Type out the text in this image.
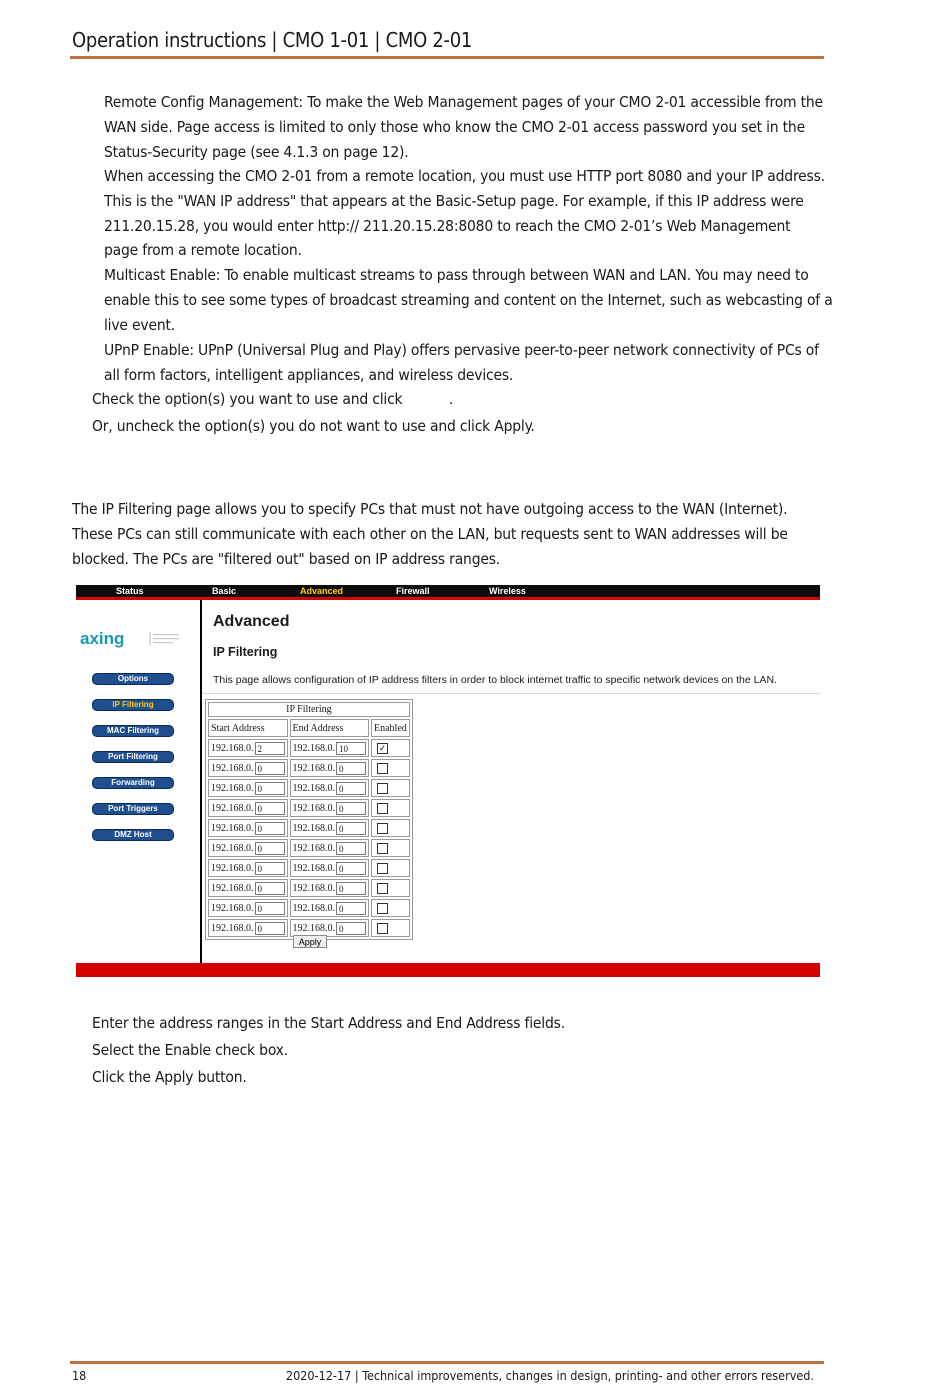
Operation instructions | CMO 1-01 | CMO 2-01
Remote Config Management: To make the Web Management pages of your CMO 2-01 accessible from the
WAN side. Page access is limited to only those who know the CMO 2-01 access password you set in the
Status-Security page (see 4.1.3 on page 12).
When accessing the CMO 2-01 from a remote location, you must use HTTP port 8080 and your IP address.
This is the "WAN IP address" that appears at the Basic-Setup page. For example, if this IP address were
211.20.15.28, you would enter http:// 211.20.15.28:8080 to reach the CMO 2-01’s Web Management
page from a remote location.
Multicast Enable: To enable multicast streams to pass through between WAN and LAN. You may need to
enable this to see some types of broadcast streaming and content on the Internet, such as webcasting of a
live event.
UPnP Enable: UPnP (Universal Plug and Play) offers pervasive peer-to-peer network connectivity of PCs of
all form factors, intelligent appliances, and wireless devices.
Check the option(s) you want to use and click           .
Or, uncheck the option(s) you do not want to use and click Apply.
The IP Filtering page allows you to specify PCs that must not have outgoing access to the WAN (Internet).
These PCs can still communicate with each other on the LAN, but requests sent to WAN addresses will be
blocked. The PCs are "filtered out" based on IP address ranges.
Status	Basic	Advanced	Firewall	Wireless
axing
Options
IP Filtering
MAC Filtering
Port Filtering
Forwarding
Port Triggers
DMZ Host
Advanced
IP Filtering
This page allows configuration of IP address filters in order to block internet traffic to specific network devices on the LAN.
IP Filtering		
Start Address	End Address	Enabled
192.168.0. 2	192.168.0. 10	✓
192.168.0. 0	192.168.0. 0	
192.168.0. 0	192.168.0. 0	
192.168.0. 0	192.168.0. 0	
192.168.0. 0	192.168.0. 0	
192.168.0. 0	192.168.0. 0	
192.168.0. 0	192.168.0. 0	
192.168.0. 0	192.168.0. 0	
192.168.0. 0	192.168.0. 0	
192.168.0. 0	192.168.0. 0	
Apply
Enter the address ranges in the Start Address and End Address fields.
Select the Enable check box.
Click the Apply button.
18	2020-12-17 | Technical improvements, changes in design, printing- and other errors reserved.
